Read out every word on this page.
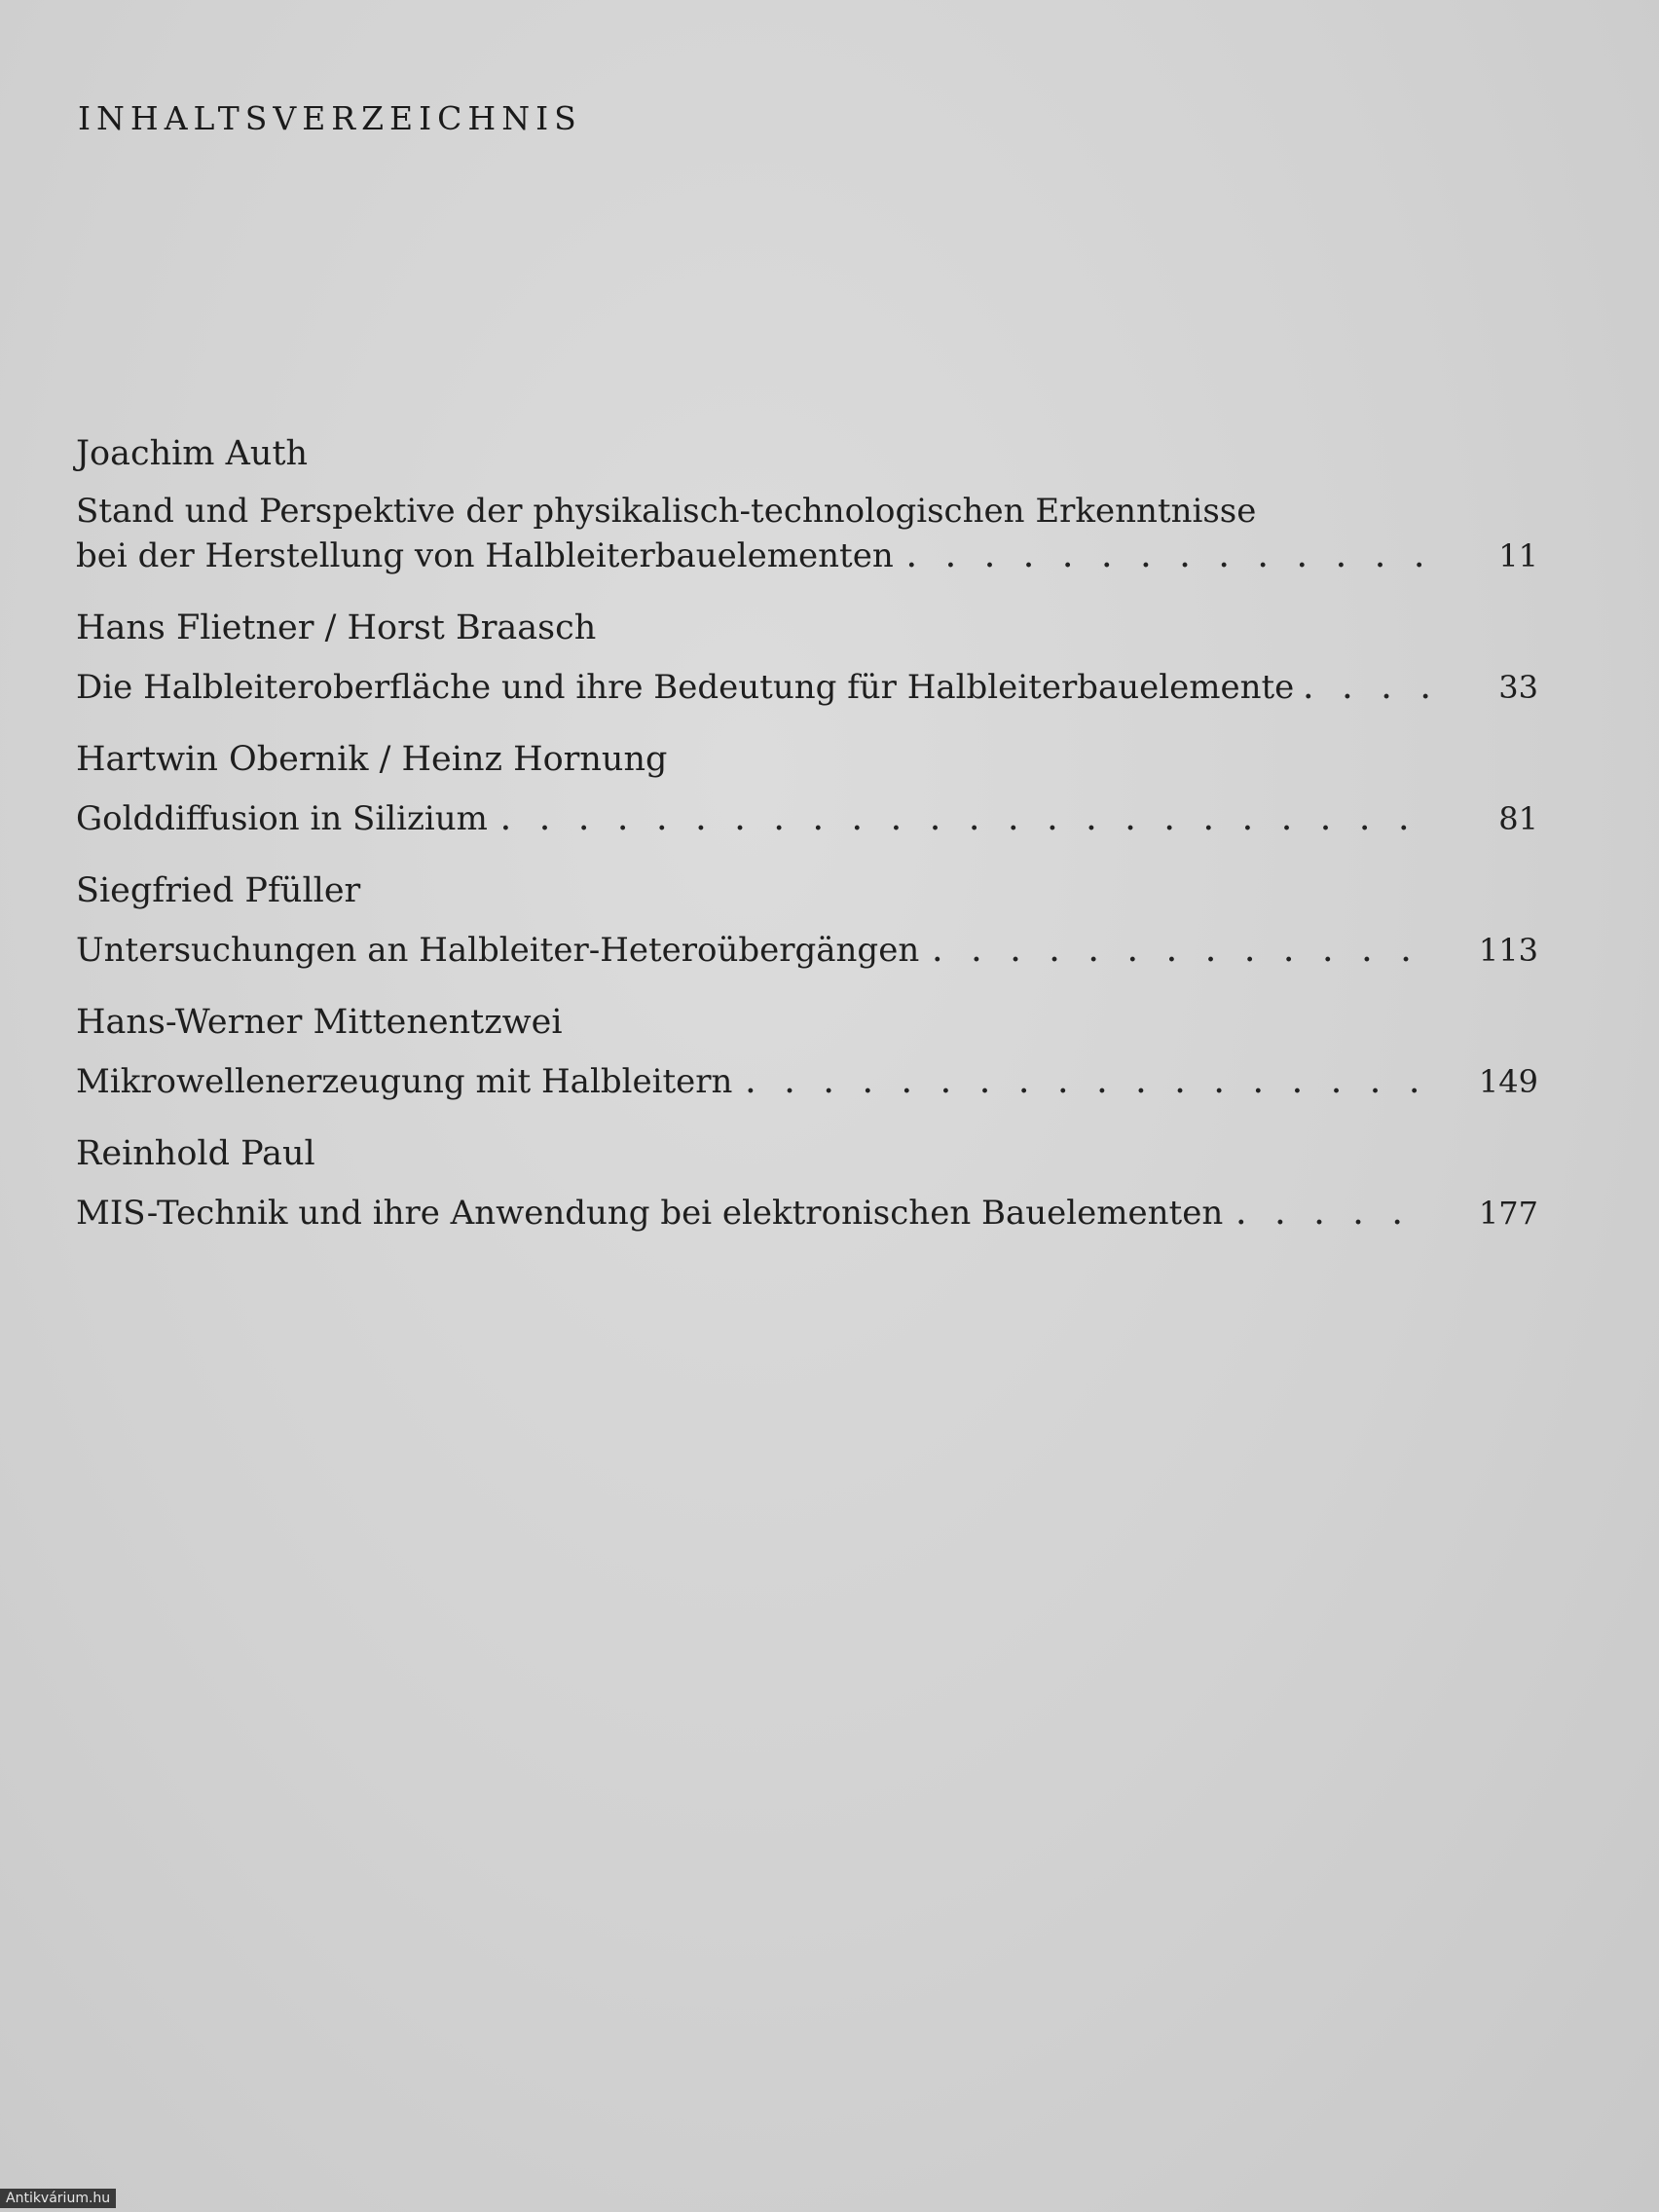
INHALTSVERZEICHNIS
Joachim Auth
Stand und Perspektive der physikalisch-technologischen Erkenntnisse
bei der Herstellung von Halbleiterbauelementen . . .	11
Hans Flietner / Horst Braasch
Die Halbleiteroberfläche und ihre Bedeutung für Halbleiterbauelemente . . .	33
Hartwin Obernik / Heinz Hornung
Golddiffusion in Silizium . . .	81
Siegfried Pfüller
Untersuchungen an Halbleiter-Heteroübergängen . . .	113
Hans-Werner Mittenentzwei
Mikrowellenerzeugung mit Halbleitern . . .	149
Reinhold Paul
MIS-Technik und ihre Anwendung bei elektronischen Bauelementen . . .	177
Antikvárium.hu
